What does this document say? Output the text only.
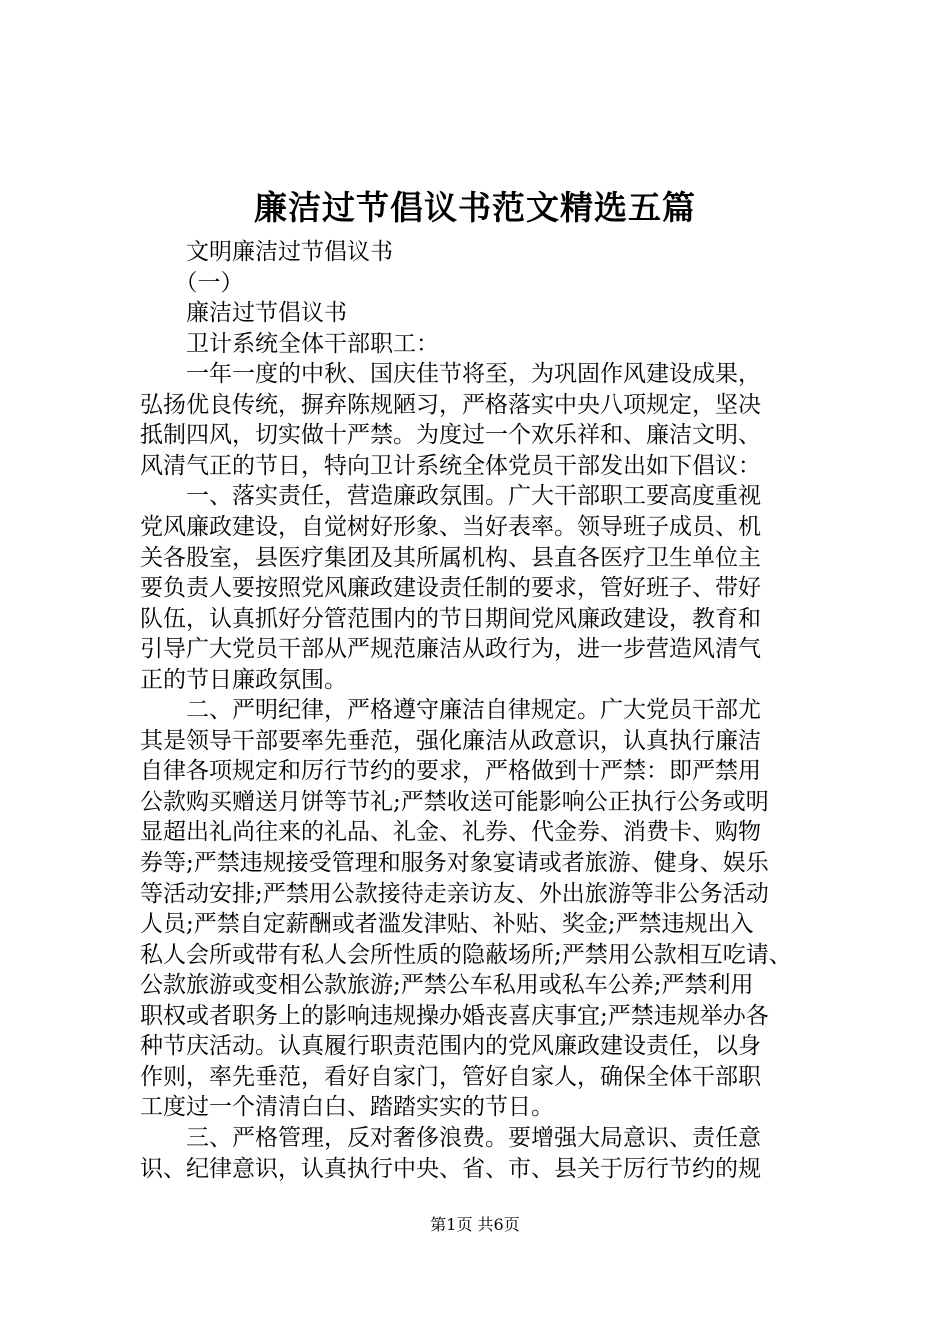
廉洁过节倡议书范文精选五篇

　　文明廉洁过节倡议书

　　（一）

　　廉洁过节倡议书

　　卫计系统全体干部职工：

　　一年一度的中秋、国庆佳节将至，为巩固作风建设成果，

弘扬优良传统，摒弃陈规陋习，严格落实中央八项规定，坚决

抵制四风，切实做十严禁。为度过一个欢乐祥和、廉洁文明、

风清气正的节日，特向卫计系统全体党员干部发出如下倡议：

　　一、落实责任，营造廉政氛围。广大干部职工要高度重视

党风廉政建设，自觉树好形象、当好表率。领导班子成员、机

关各股室，县医疗集团及其所属机构、县直各医疗卫生单位主

要负责人要按照党风廉政建设责任制的要求，管好班子、带好

队伍，认真抓好分管范围内的节日期间党风廉政建设，教育和

引导广大党员干部从严规范廉洁从政行为，进一步营造风清气

正的节日廉政氛围。

　　二、严明纪律，严格遵守廉洁自律规定。广大党员干部尤

其是领导干部要率先垂范，强化廉洁从政意识，认真执行廉洁

自律各项规定和厉行节约的要求，严格做到十严禁：即严禁用

公款购买赠送月饼等节礼;严禁收送可能影响公正执行公务或明

显超出礼尚往来的礼品、礼金、礼券、代金券、消费卡、购物

券等;严禁违规接受管理和服务对象宴请或者旅游、健身、娱乐

等活动安排;严禁用公款接待走亲访友、外出旅游等非公务活动

人员;严禁自定薪酬或者滥发津贴、补贴、奖金;严禁违规出入

私人会所或带有私人会所性质的隐蔽场所;严禁用公款相互吃请、

公款旅游或变相公款旅游;严禁公车私用或私车公养;严禁利用

职权或者职务上的影响违规操办婚丧喜庆事宜;严禁违规举办各

种节庆活动。认真履行职责范围内的党风廉政建设责任，以身

作则，率先垂范，看好自家门，管好自家人，确保全体干部职

工度过一个清清白白、踏踏实实的节日。

　　三、严格管理，反对奢侈浪费。要增强大局意识、责任意

识、纪律意识，认真执行中央、省、市、县关于厉行节约的规

第1页 共6页
